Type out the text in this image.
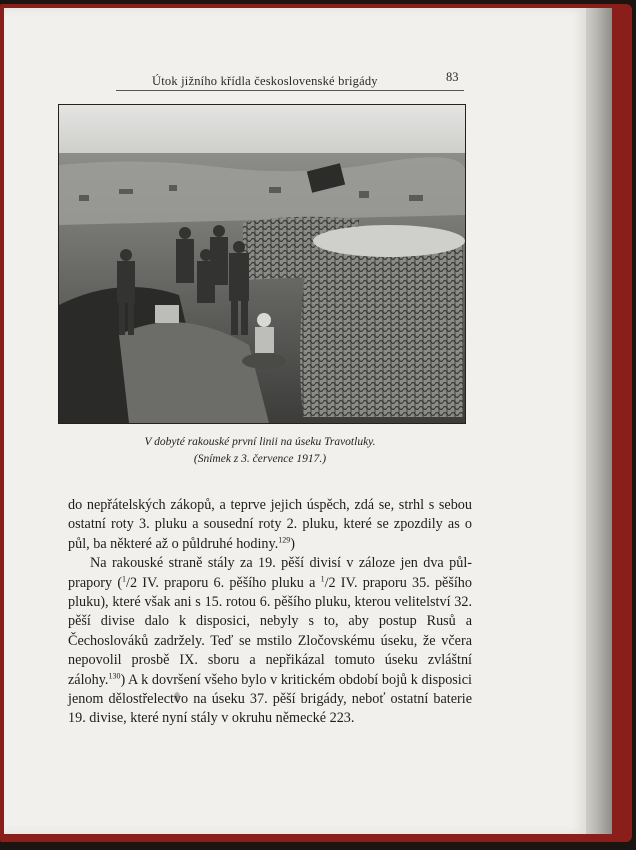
Útok jižního křídla československé brigády	83
V dobyté rakouské první linii na úseku Travotluky.
(Snímek z 3. července 1917.)

do nepřátelských zákopů, a teprve jejich úspěch, zdá se, strhl s sebou ostatní roty 3. pluku a sousední roty 2. pluku, které se zpozdily as o půl, ba některé až o půldruhé hodiny.$^{129}$)

Na rakouské straně stály za 19. pěší divisí v záloze jen dva půl-prapory ($^1$/2 IV. praporu 6. pěšího pluku a $^1$/2 IV. praporu 35. pěšího pluku), které však ani s 15. rotou 6. pěšího pluku, kterou velitelství 32. pěší divise dalo k disposici, nebyly s to, aby postup Rusů a Čechoslováků zadržely. Teď se mstilo Zločovskému úseku, že včera nepovolil prosbě IX. sboru a nepřikázal tomuto úseku zvláštní zálohy.$^{130}$) A k dovršení všeho bylo v kritickém období bojů k disposici jenom dělostřelectvo na úseku 37. pěší brigády, neboť ostatní baterie 19. divise, které nyní stály v okruhu německé 223.
